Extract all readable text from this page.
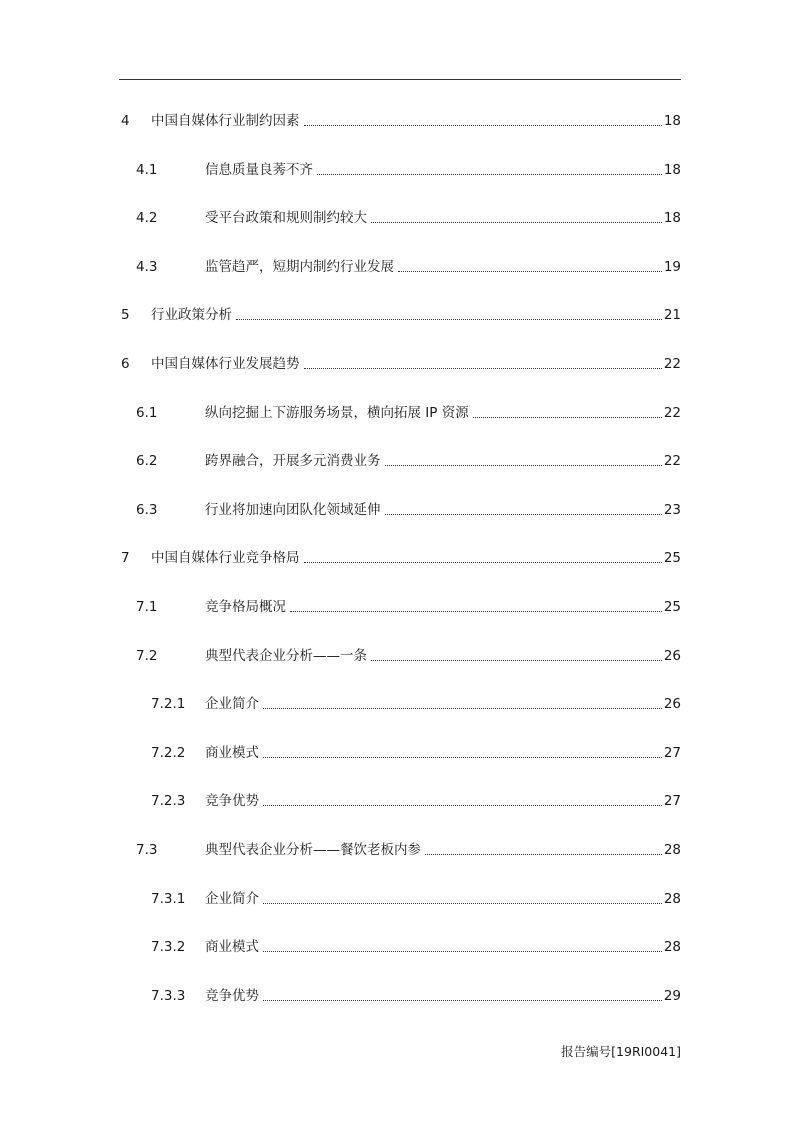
4	中国自媒体行业制约因素	18
4.1	信息质量良莠不齐	18
4.2	受平台政策和规则制约较大	18
4.3	监管趋严，短期内制约行业发展	19
5	行业政策分析	21
6	中国自媒体行业发展趋势	22
6.1	纵向挖掘上下游服务场景，横向拓展 IP 资源	22
6.2	跨界融合，开展多元消费业务	22
6.3	行业将加速向团队化领域延伸	23
7	中国自媒体行业竞争格局	25
7.1	竞争格局概况	25
7.2	典型代表企业分析——一条	26
7.2.1	企业简介	26
7.2.2	商业模式	27
7.2.3	竞争优势	27
7.3	典型代表企业分析——餐饮老板内参	28
7.3.1	企业简介	28
7.3.2	商业模式	28
7.3.3	竞争优势	29
报告编号[19RI0041]
